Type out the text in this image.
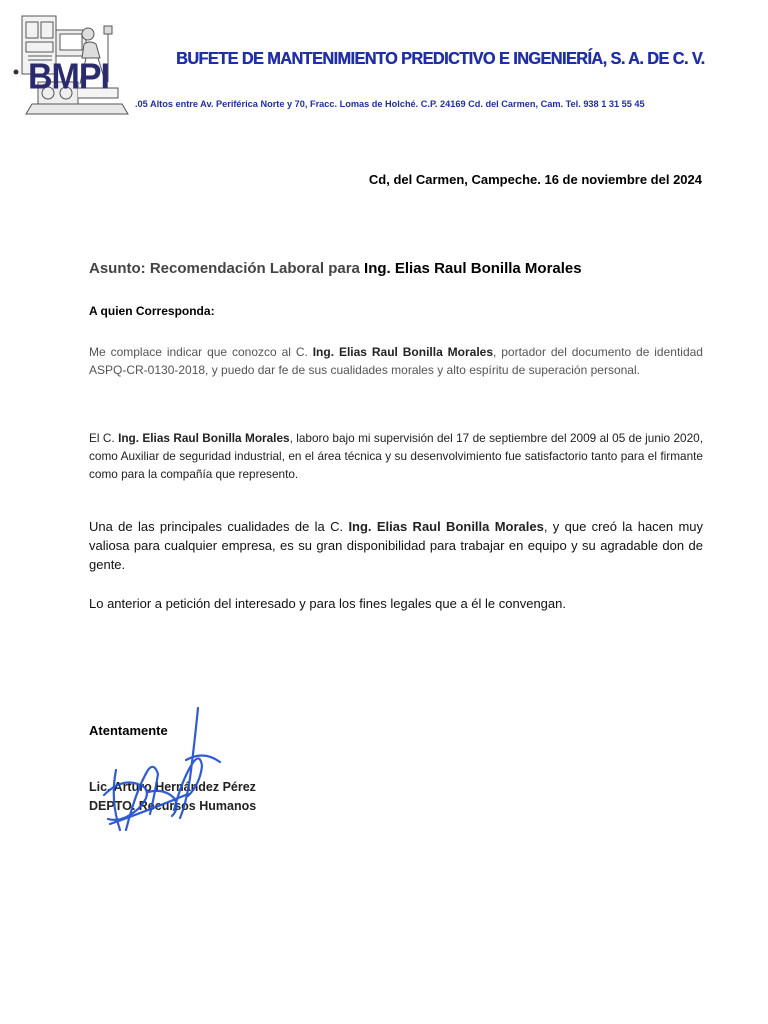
BMPI	BUFETE DE MANTENIMIENTO PREDICTIVO E INGENIERÍA, S. A. DE C. V.
.05 Altos entre Av. Periférica Norte y 70, Fracc. Lomas de Holché. C.P. 24169 Cd. del Carmen, Cam. Tel. 938 1 31 55 45
Cd, del Carmen, Campeche. 16 de noviembre del 2024
Asunto: Recomendación Laboral para Ing. Elias Raul Bonilla Morales
A quien Corresponda:
Me complace indicar que conozco al C. Ing. Elias Raul Bonilla Morales, portador del documento de identidad ASPQ-CR-0130-2018, y puedo dar fe de sus cualidades morales y alto espíritu de superación personal.
El C. Ing. Elias Raul Bonilla Morales, laboro bajo mi supervisión del 17 de septiembre del 2009 al 05 de junio 2020, como Auxiliar de seguridad industrial, en el área técnica y su desenvolvimiento fue satisfactorio tanto para el firmante como para la compañía que represento.
Una de las principales cualidades de la C. Ing. Elias Raul Bonilla Morales, y que creó la hacen muy valiosa para cualquier empresa, es su gran disponibilidad para trabajar en equipo y su agradable don de gente.
Lo anterior a petición del interesado y para los fines legales que a él le convengan.
Atentamente
Lic. Arturo Hernández Pérez
DEPTO. Recursos Humanos
